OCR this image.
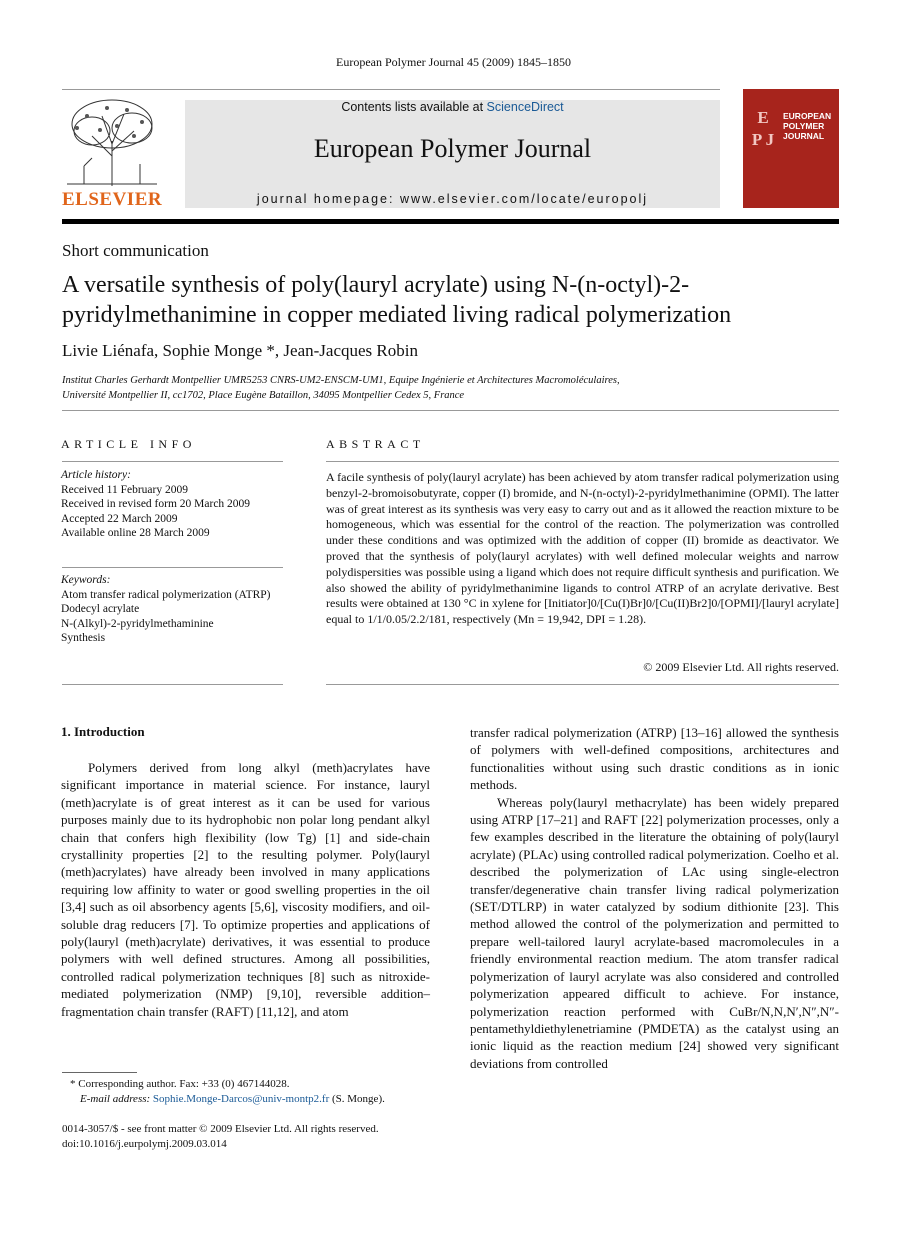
European Polymer Journal 45 (2009) 1845–1850
ELSEVIER
Contents lists available at ScienceDirect
European Polymer Journal
journal homepage: www.elsevier.com/locate/europolj
E P J
EUROPEAN POLYMER JOURNAL
Short communication
A versatile synthesis of poly(lauryl acrylate) using N-(n-octyl)-2-pyridylmethanimine in copper mediated living radical polymerization
Livie Liénafa, Sophie Monge *, Jean-Jacques Robin
Institut Charles Gerhardt Montpellier UMR5253 CNRS-UM2-ENSCM-UM1, Equipe Ingénierie et Architectures Macromoléculaires,
Université Montpellier II, cc1702, Place Eugène Bataillon, 34095 Montpellier Cedex 5, France
ARTICLE INFO	ABSTRACT
Article history:
Received 11 February 2009
Received in revised form 20 March 2009
Accepted 22 March 2009
Available online 28 March 2009
Keywords:
Atom transfer radical polymerization (ATRP)
Dodecyl acrylate
N-(Alkyl)-2-pyridylmethaminine
Synthesis
A facile synthesis of poly(lauryl acrylate) has been achieved by atom transfer radical polymerization using benzyl-2-bromoisobutyrate, copper (I) bromide, and N-(n-octyl)-2-pyridylmethanimine (OPMI). The latter was of great interest as its synthesis was very easy to carry out and as it allowed the reaction mixture to be homogeneous, which was essential for the control of the reaction. The polymerization was controlled under these conditions and was optimized with the addition of copper (II) bromide as deactivator. We proved that the synthesis of poly(lauryl acrylates) with well defined molecular weights and narrow polydispersities was possible using a ligand which does not require difficult synthesis and purification. We also showed the ability of pyridylmethanimine ligands to control ATRP of an acrylate derivative. Best results were obtained at 130 °C in xylene for [Initiator]0/[Cu(I)Br]0/[Cu(II)Br2]0/[OPMI]/[lauryl acrylate] equal to 1/1/0.05/2.2/181, respectively (Mn = 19,942, DPI = 1.28).
© 2009 Elsevier Ltd. All rights reserved.
1. Introduction

Polymers derived from long alkyl (meth)acrylates have significant importance in material science. For instance, lauryl (meth)acrylate is of great interest as it can be used for various purposes mainly due to its hydrophobic non polar long pendant alkyl chain that confers high flexibility (low Tg) [1] and side-chain crystallinity properties [2] to the resulting polymer. Poly(lauryl (meth)acrylates) have already been involved in many applications requiring low affinity to water or good swelling properties in the oil [3,4] such as oil absorbency agents [5,6], viscosity modifiers, and oil-soluble drag reducers [7]. To optimize properties and applications of poly(lauryl (meth)acrylate) derivatives, it was essential to produce polymers with well defined structures. Among all possibilities, controlled radical polymerization techniques [8] such as nitroxide-mediated polymerization (NMP) [9,10], reversible addition–fragmentation chain transfer (RAFT) [11,12], and atom

transfer radical polymerization (ATRP) [13–16] allowed the synthesis of polymers with well-defined compositions, architectures and functionalities without using such drastic conditions as in ionic methods.

Whereas poly(lauryl methacrylate) has been widely prepared using ATRP [17–21] and RAFT [22] polymerization processes, only a few examples described in the literature the obtaining of poly(lauryl acrylate) (PLAc) using controlled radical polymerization. Coelho et al. described the polymerization of LAc using single-electron transfer/degenerative chain transfer living radical polymerization (SET/DTLRP) in water catalyzed by sodium dithionite [23]. This method allowed the control of the polymerization and permitted to prepare well-tailored lauryl acrylate-based macromolecules in a friendly environmental reaction medium. The atom transfer radical polymerization of lauryl acrylate was also considered and controlled polymerization appeared difficult to achieve. For instance, polymerization reaction performed with CuBr/N,N,N′,N″,N″-pentamethyldiethylenetriamine (PMDETA) as the catalyst using an ionic liquid as the reaction medium [24] showed very significant deviations from controlled

* Corresponding author. Fax: +33 (0) 467144028.
E-mail address: Sophie.Monge-Darcos@univ-montp2.fr (S. Monge).
0014-3057/$ - see front matter © 2009 Elsevier Ltd. All rights reserved.
doi:10.1016/j.eurpolymj.2009.03.014
